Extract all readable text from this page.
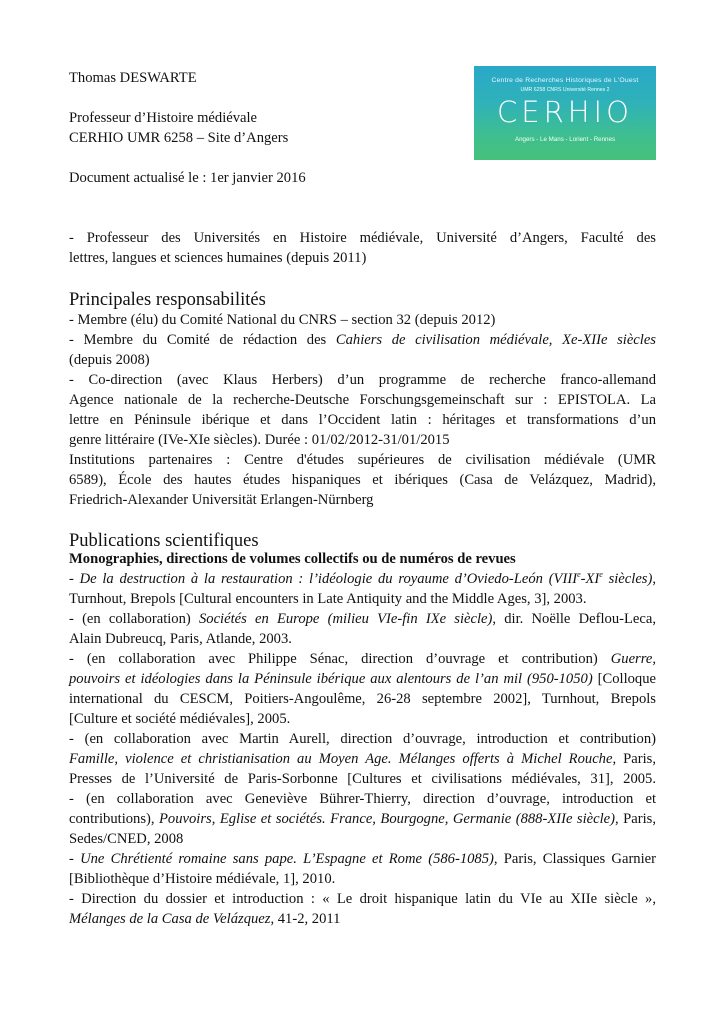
Centre de Recherches Historiques de L'Ouest
UMR 6258 CNRS Université Rennes 2
CERHIO
Angers - Le Mans - Lorient - Rennes
Thomas DESWARTE
Professeur d’Histoire médiévale
CERHIO UMR 6258 – Site d’Angers
Document actualisé le : 1er janvier 2016
- Professeur des Universités en Histoire médiévale, Université d’Angers, Faculté des
lettres, langues et sciences humaines (depuis 2011)
Principales responsabilités
- Membre (élu) du Comité National du CNRS – section 32 (depuis 2012)
- Membre du Comité de rédaction des Cahiers de civilisation médiévale, Xe-XIIe siècles
(depuis 2008)
- Co-direction (avec Klaus Herbers) d’un programme de recherche franco-allemand
Agence nationale de la recherche-Deutsche Forschungsgemeinschaft sur : EPISTOLA. La
lettre en Péninsule ibérique et dans l’Occident latin : héritages et transformations d’un
genre littéraire (IVe-XIe siècles). Durée : 01/02/2012-31/01/2015
Institutions partenaires : Centre d'études supérieures de civilisation médiévale (UMR
6589), École des hautes études hispaniques et ibériques (Casa de Velázquez, Madrid),
Friedrich-Alexander Universität Erlangen-Nürnberg
Publications scientifiques
Monographies, directions de volumes collectifs ou de numéros de revues
- De la destruction à la restauration : l’idéologie du royaume d’Oviedo-León (VIIIe-XIe siècles),
Turnhout, Brepols [Cultural encounters in Late Antiquity and the Middle Ages, 3], 2003.
- (en collaboration) Sociétés en Europe (milieu VIe-fin IXe siècle), dir. Noëlle Deflou-Leca,
Alain Dubreucq, Paris, Atlande, 2003.
- (en collaboration avec Philippe Sénac, direction d’ouvrage et contribution) Guerre,
pouvoirs et idéologies dans la Péninsule ibérique aux alentours de l’an mil (950-1050) [Colloque
international du CESCM, Poitiers-Angoulême, 26-28 septembre 2002], Turnhout, Brepols
[Culture et société médiévales], 2005.
- (en collaboration avec Martin Aurell, direction d’ouvrage, introduction et contribution)
Famille, violence et christianisation au Moyen Age. Mélanges offerts à Michel Rouche, Paris,
Presses de l’Université de Paris-Sorbonne [Cultures et civilisations médiévales, 31], 2005.
- (en collaboration avec Geneviève Bührer-Thierry, direction d’ouvrage, introduction et
contributions), Pouvoirs, Eglise et sociétés. France, Bourgogne, Germanie (888-XIIe siècle), Paris,
Sedes/CNED, 2008
- Une Chrétienté romaine sans pape. L’Espagne et Rome (586-1085), Paris, Classiques Garnier
[Bibliothèque d’Histoire médiévale, 1], 2010.
- Direction du dossier et introduction : « Le droit hispanique latin du VIe au XIIe siècle »,
Mélanges de la Casa de Velázquez, 41-2, 2011
